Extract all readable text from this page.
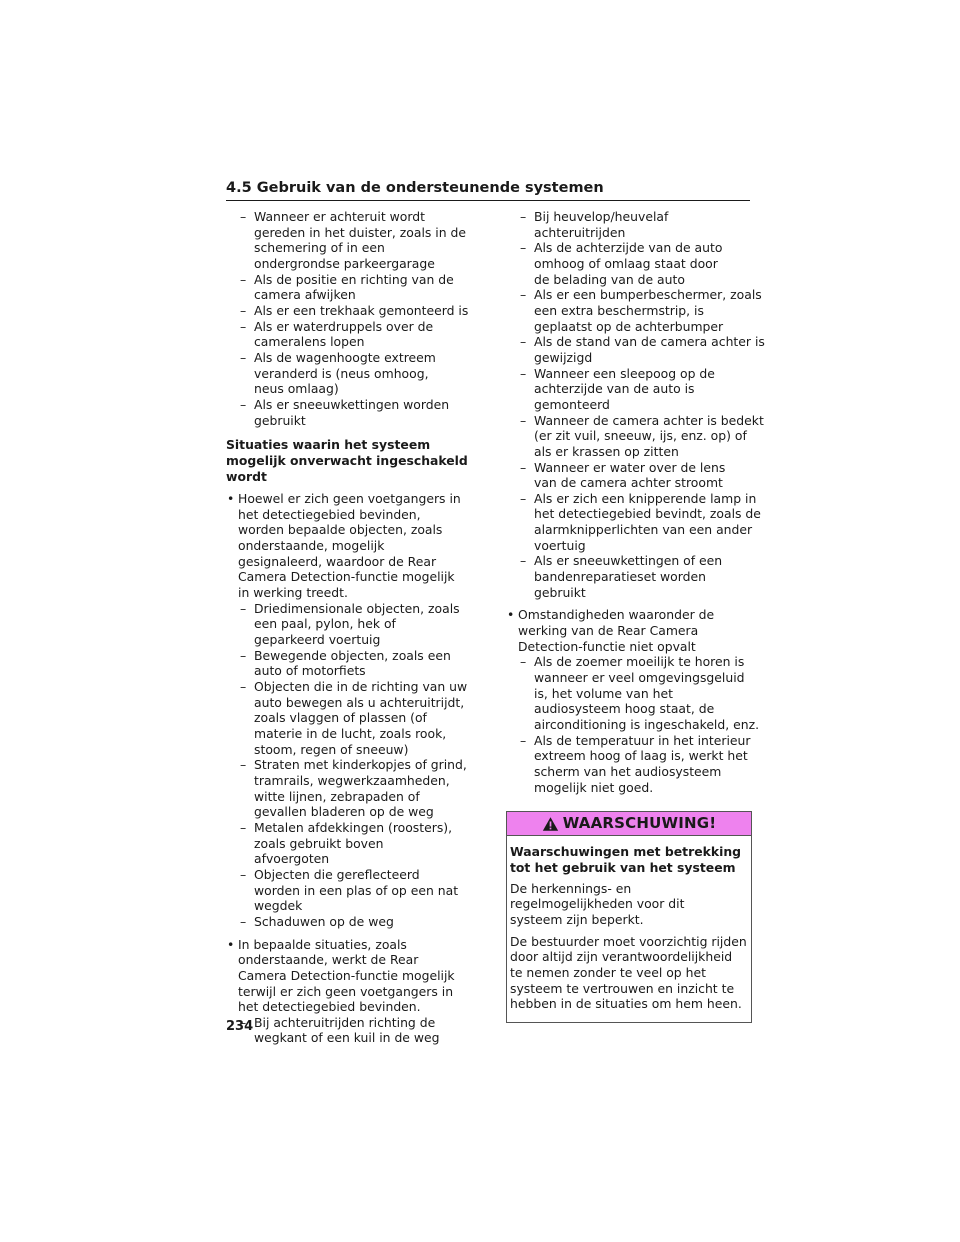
4.5 Gebruik van de ondersteunende systemen

– Wanneer er achteruit wordt gereden in het duister, zoals in de schemering of in een ondergrondse parkeergarage

– Als de positie en richting van de camera afwijken

– Als er een trekhaak gemonteerd is

– Als er waterdruppels over de cameralens lopen

– Als de wagenhoogte extreem veranderd is (neus omhoog, neus omlaag)

– Als er sneeuwkettingen worden gebruikt

Situaties waarin het systeem mogelijk onverwacht ingeschakeld wordt

• Hoewel er zich geen voetgangers in het detectiegebied bevinden, worden bepaalde objecten, zoals onderstaande, mogelijk gesignaleerd, waardoor de Rear Camera Detection-functie mogelijk in werking treedt.

– Driedimensionale objecten, zoals een paal, pylon, hek of geparkeerd voertuig

– Bewegende objecten, zoals een auto of motorfiets

– Objecten die in de richting van uw auto bewegen als u achteruitrijdt, zoals vlaggen of plassen (of materie in de lucht, zoals rook, stoom, regen of sneeuw)

– Straten met kinderkopjes of grind, tramrails, wegwerkzaamheden, witte lijnen, zebrapaden of gevallen bladeren op de weg

– Metalen afdekkingen (roosters), zoals gebruikt boven afvoergoten

– Objecten die gereflecteerd worden in een plas of op een nat wegdek

– Schaduwen op de weg

• In bepaalde situaties, zoals onderstaande, werkt de Rear Camera Detection-functie mogelijk terwijl er zich geen voetgangers in het detectiegebied bevinden.

– Bij achteruitrijden richting de wegkant of een kuil in de weg

– Bij heuvelop/heuvelaf achteruitrijden

– Als de achterzijde van de auto omhoog of omlaag staat door de belading van de auto

– Als er een bumperbeschermer, zoals een extra beschermstrip, is geplaatst op de achterbumper

– Als de stand van de camera achter is gewijzigd

– Wanneer een sleepoog op de achterzijde van de auto is gemonteerd

– Wanneer de camera achter is bedekt (er zit vuil, sneeuw, ijs, enz. op) of als er krassen op zitten

– Wanneer er water over de lens van de camera achter stroomt

– Als er zich een knipperende lamp in het detectiegebied bevindt, zoals de alarmknipperlichten van een ander voertuig

– Als er sneeuwkettingen of een bandenreparatieset worden gebruikt

• Omstandigheden waaronder de werking van de Rear Camera Detection-functie niet opvalt

– Als de zoemer moeilijk te horen is wanneer er veel omgevingsgeluid is, het volume van het audiosysteem hoog staat, de airconditioning is ingeschakeld, enz.

– Als de temperatuur in het interieur extreem hoog of laag is, werkt het scherm van het audiosysteem mogelijk niet goed.

WAARSCHUWING!

Waarschuwingen met betrekking tot het gebruik van het systeem

De herkennings- en regelmogelijkheden voor dit systeem zijn beperkt.

De bestuurder moet voorzichtig rijden door altijd zijn verantwoordelijkheid te nemen zonder te veel op het systeem te vertrouwen en inzicht te hebben in de situaties om hem heen.

234
